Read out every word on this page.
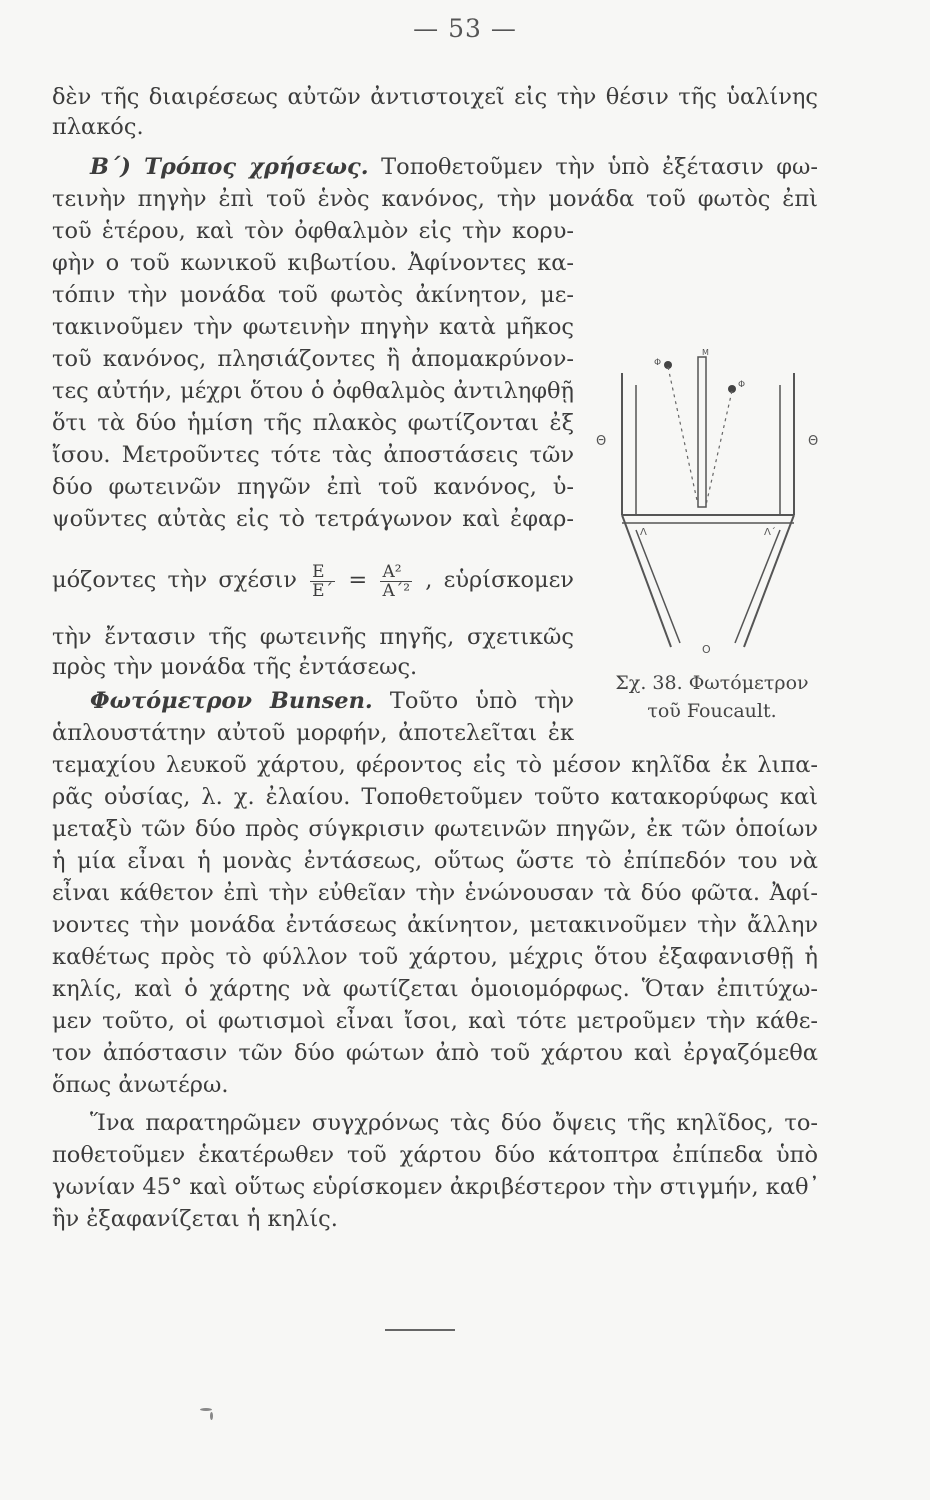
— 53 —
δὲν τῆς διαιρέσεως αὐτῶν ἀντιστοιχεῖ εἰς τὴν θέσιν τῆς ὑαλίνης
πλακός.
Β΄) Τρόπος χρήσεως. Τοποθετοῦμεν τὴν ὑπὸ ἐξέτασιν φω-
τεινὴν πηγὴν ἐπὶ τοῦ ἑνὸς κανόνος, τὴν μονάδα τοῦ φωτὸς ἐπὶ
τοῦ ἑτέρου, καὶ τὸν ὀφθαλμὸν εἰς τὴν κορυ-
φὴν ο τοῦ κωνικοῦ κιβωτίου. Ἀφίνοντες κα-
τόπιν τὴν μονάδα τοῦ φωτὸς ἀκίνητον, με-
τακινοῦμεν τὴν φωτεινὴν πηγὴν κατὰ μῆκος
τοῦ κανόνος, πλησιάζοντες ἢ ἀπομακρύνον-
τες αὐτήν, μέχρι ὅτου ὁ ὀφθαλμὸς ἀντιληφθῇ
ὅτι τὰ δύο ἡμίση τῆς πλακὸς φωτίζονται ἐξ
ἴσου. Μετροῦντες τότε τὰς ἀποστάσεις τῶν
δύο φωτεινῶν πηγῶν ἐπὶ τοῦ κανόνος, ὑ-
ψοῦντες αὐτὰς εἰς τὸ τετράγωνον καὶ ἐφαρ-
μόζοντες τὴν σχέσιν $\frac{E}{E΄} = \frac{\text{A²}}{\text{A΄²}}$ , εὑρίσκομεν
τὴν ἔντασιν τῆς φωτεινῆς πηγῆς, σχετικῶς
πρὸς τὴν μονάδα τῆς ἐντάσεως.
Φωτόμετρον Bunsen. Τοῦτο ὑπὸ τὴν
ἁπλουστάτην αὐτοῦ μορφήν, ἀποτελεῖται ἐκ
τεμαχίου λευκοῦ χάρτου, φέροντος εἰς τὸ μέσον κηλῖδα ἐκ λιπα-
ρᾶς οὐσίας, λ. χ. ἐλαίου. Τοποθετοῦμεν τοῦτο κατακορύφως καὶ
μεταξὺ τῶν δύο πρὸς σύγκρισιν φωτεινῶν πηγῶν, ἐκ τῶν ὁποίων
ἡ μία εἶναι ἡ μονὰς ἐντάσεως, οὕτως ὥστε τὸ ἐπίπεδόν του νὰ
εἶναι κάθετον ἐπὶ τὴν εὐθεῖαν τὴν ἑνώνουσαν τὰ δύο φῶτα. Ἀφί-
νοντες τὴν μονάδα ἐντάσεως ἀκίνητον, μετακινοῦμεν τὴν ἄλλην
καθέτως πρὸς τὸ φύλλον τοῦ χάρτου, μέχρις ὅτου ἐξαφανισθῇ ἡ
κηλίς, καὶ ὁ χάρτης νὰ φωτίζεται ὁμοιομόρφως. Ὅταν ἐπιτύχω-
μεν τοῦτο, οἱ φωτισμοὶ εἶναι ἴσοι, καὶ τότε μετροῦμεν τὴν κάθε-
τον ἀπόστασιν τῶν δύο φώτων ἀπὸ τοῦ χάρτου καὶ ἐργαζόμεθα
ὅπως ἀνωτέρω.
Ἵνα παρατηρῶμεν συγχρόνως τὰς δύο ὄψεις τῆς κηλῖδος, το-
ποθετοῦμεν ἑκατέρωθεν τοῦ χάρτου δύο κάτοπτρα ἐπίπεδα ὑπὸ
γωνίαν 45° καὶ οὕτως εὑρίσκομεν ἀκριβέστερον τὴν στιγμήν, καθ᾽
ἣν ἐξαφανίζεται ἡ κηλίς.
Φ
M
Φ
Θ	Θ
Λ	Λ΄
O
Σχ. 38. Φωτόμετρον
τοῦ Foucault.
